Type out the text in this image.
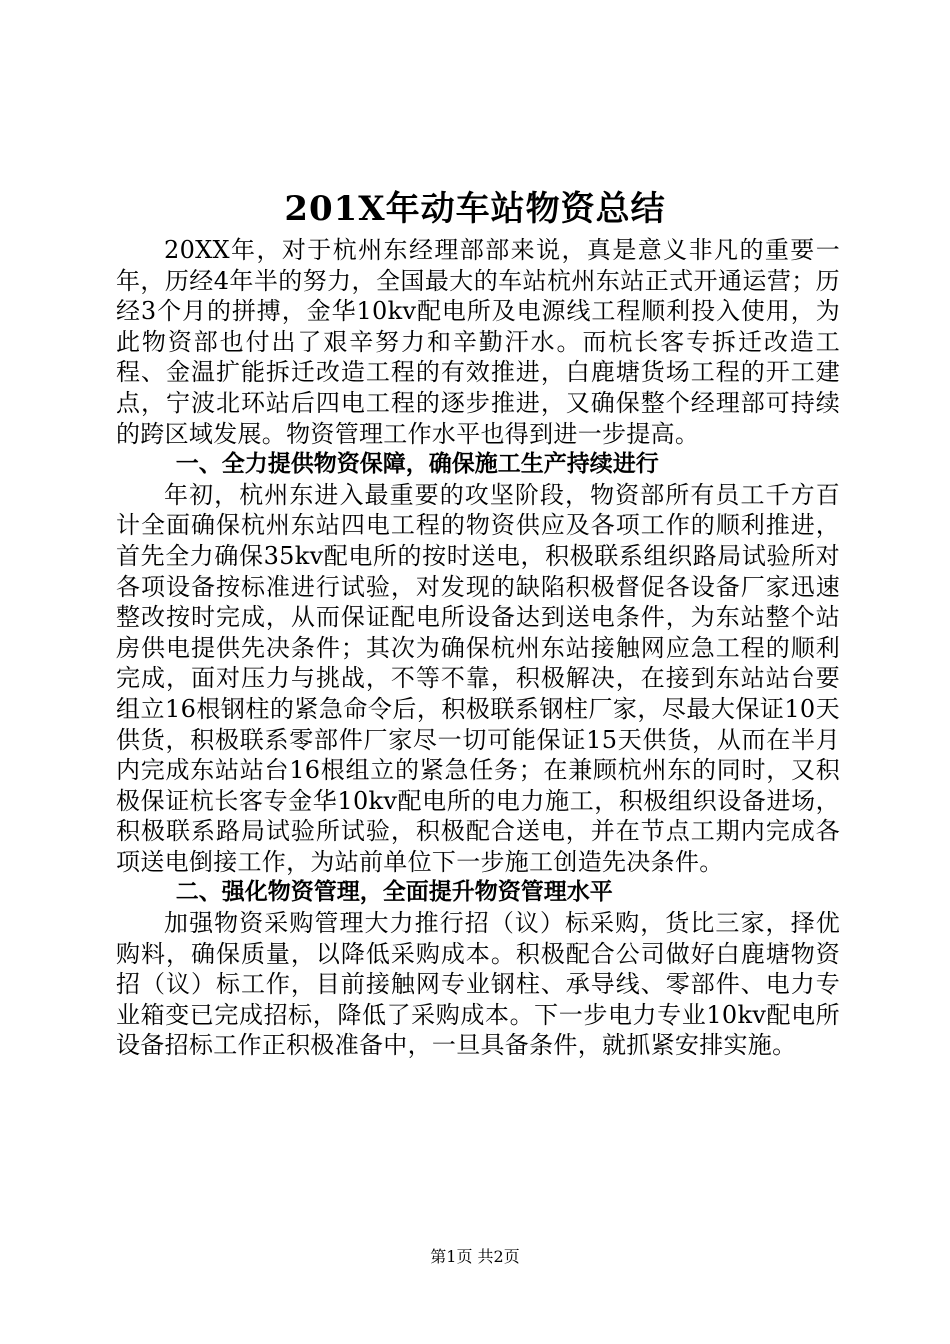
201X年动车站物资总结

20XX年，对于杭州东经理部部来说，真是意义非凡的重要一年，历经4年半的努力，全国最大的车站杭州东站正式开通运营；历经3个月的拼搏，金华10kv配电所及电源线工程顺利投入使用，为此物资部也付出了艰辛努力和辛勤汗水。而杭长客专拆迁改造工程、金温扩能拆迁改造工程的有效推进，白鹿塘货场工程的开工建点，宁波北环站后四电工程的逐步推进，又确保整个经理部可持续的跨区域发展。物资管理工作水平也得到进一步提高。

一、全力提供物资保障，确保施工生产持续进行

年初，杭州东进入最重要的攻坚阶段，物资部所有员工千方百计全面确保杭州东站四电工程的物资供应及各项工作的顺利推进，首先全力确保35kv配电所的按时送电，积极联系组织路局试验所对各项设备按标准进行试验，对发现的缺陷积极督促各设备厂家迅速整改按时完成，从而保证配电所设备达到送电条件，为东站整个站房供电提供先决条件；其次为确保杭州东站接触网应急工程的顺利完成，面对压力与挑战，不等不靠，积极解决，在接到东站站台要组立16根钢柱的紧急命令后，积极联系钢柱厂家，尽最大保证10天供货，积极联系零部件厂家尽一切可能保证15天供货，从而在半月内完成东站站台16根组立的紧急任务；在兼顾杭州东的同时，又积极保证杭长客专金华10kv配电所的电力施工，积极组织设备进场，积极联系路局试验所试验，积极配合送电，并在节点工期内完成各项送电倒接工作，为站前单位下一步施工创造先决条件。

二、强化物资管理，全面提升物资管理水平

加强物资采购管理大力推行招（议）标采购，货比三家，择优购料，确保质量，以降低采购成本。积极配合公司做好白鹿塘物资招（议）标工作，目前接触网专业钢柱、承导线、零部件、电力专业箱变已完成招标，降低了采购成本。下一步电力专业10kv配电所设备招标工作正积极准备中，一旦具备条件，就抓紧安排实施。

第1页 共2页
